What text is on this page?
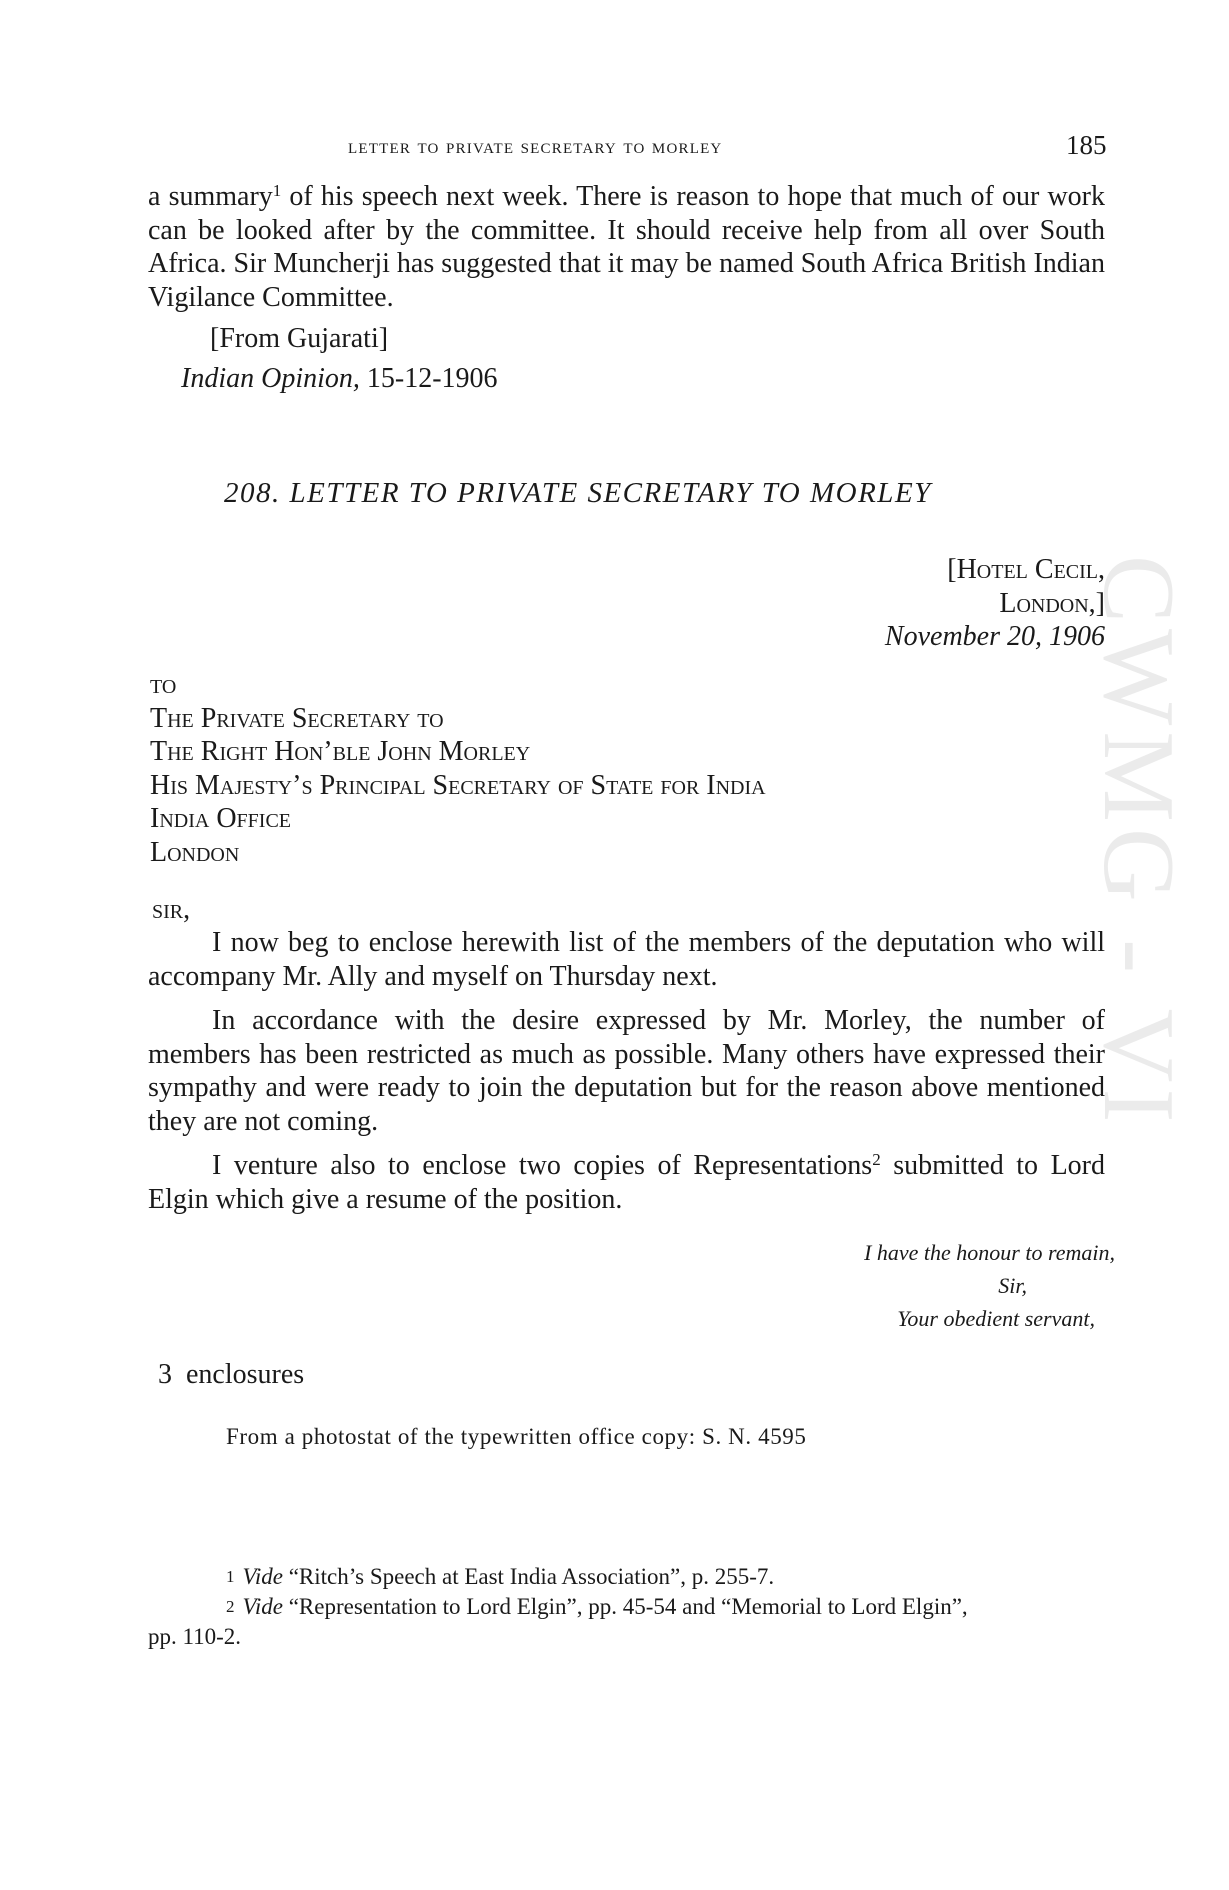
CWMG - VI
letter to private secretary to morley	185
a summary$^1$ of his speech next week. There is reason to hope that much of our work can be looked after by the committee. It should receive help from all over South Africa. Sir Muncherji has suggested that it may be named South Africa British Indian Vigilance Committee.
[From Gujarati]
Indian Opinion, 15-12-1906
208. LETTER TO PRIVATE SECRETARY TO MORLEY
[Hotel Cecil,
London,]
November 20, 1906
to
The Private Secretary to
The Right Hon’ble John Morley
His Majesty’s Principal Secretary of State for India
India Office
London
sir,
I now beg to enclose herewith list of the members of the deputation who will accompany Mr. Ally and myself on Thursday next.
In accordance with the desire expressed by Mr. Morley, the number of members has been restricted as much as possible. Many others have expressed their sympathy and were ready to join the deputation but for the reason above mentioned they are not coming.
I venture also to enclose two copies of Representations$^2$ submitted to Lord Elgin which give a resume of the position.
I have the honour to remain,
Sir,
Your obedient servant,
3  enclosures
From a photostat of the typewritten office copy: S. N. 4595
$^1$ Vide “Ritch’s Speech at East India Association”, p. 255-7.
$^2$ Vide “Representation to Lord Elgin”, pp. 45-54 and “Memorial to Lord Elgin”,
pp. 110-2.
